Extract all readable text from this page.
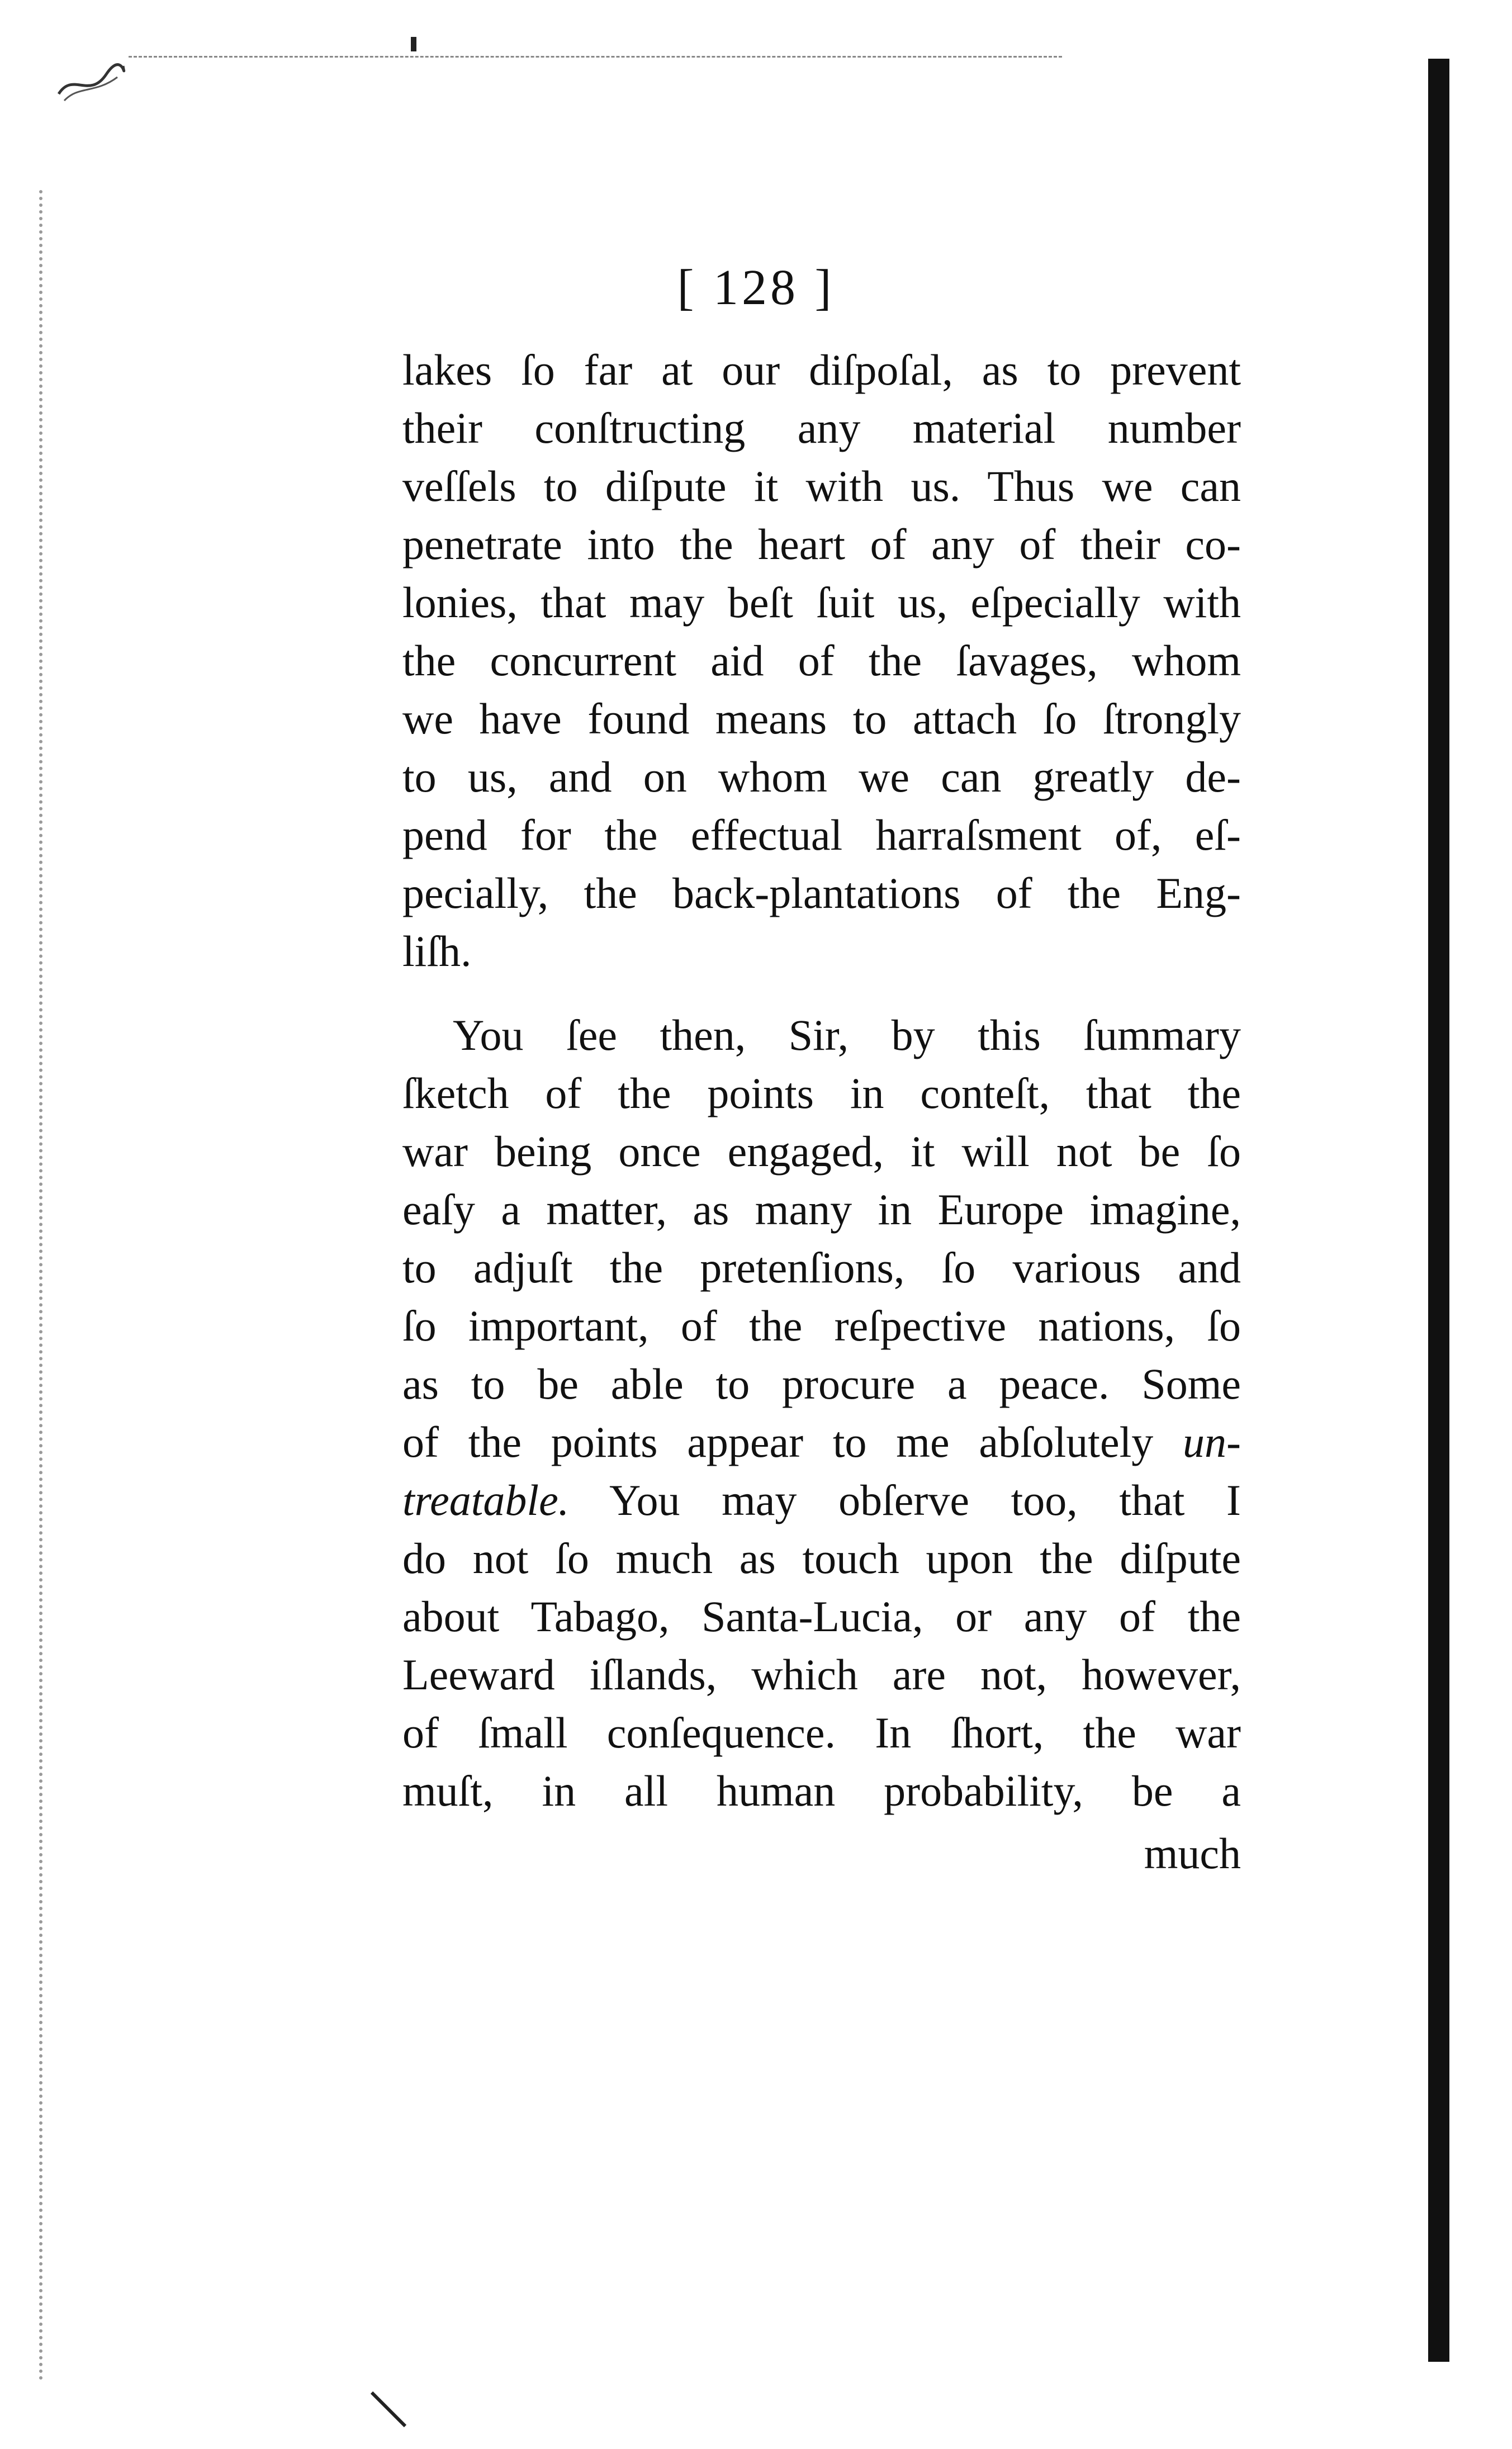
[ 128 ]
lakes ſo far at our diſpoſal, as to prevent
their conſtructing any material number
veſſels to diſpute it with us. Thus we can
penetrate into the heart of any of their co-
lonies, that may beſt ſuit us, eſpecially with
the concurrent aid of the ſavages, whom
we have found means to attach ſo ſtrongly
to us, and on whom we can greatly de-
pend for the effectual harraſsment of, eſ-
pecially, the back-plantations of the Eng-
liſh.
You ſee then, Sir, by this ſummary
ſketch of the points in conteſt, that the
war being once engaged, it will not be ſo
eaſy a matter, as many in Europe imagine,
to adjuſt the pretenſions, ſo various and
ſo important, of the reſpective nations, ſo
as to be able to procure a peace. Some
of the points appear to me abſolutely un-
treatable. You may obſerve too, that I
do not ſo much as touch upon the diſpute
about Tabago, Santa-Lucia, or any of the
Leeward iſlands, which are not, however,
of ſmall conſequence. In ſhort, the war
muſt, in all human probability, be a
much
